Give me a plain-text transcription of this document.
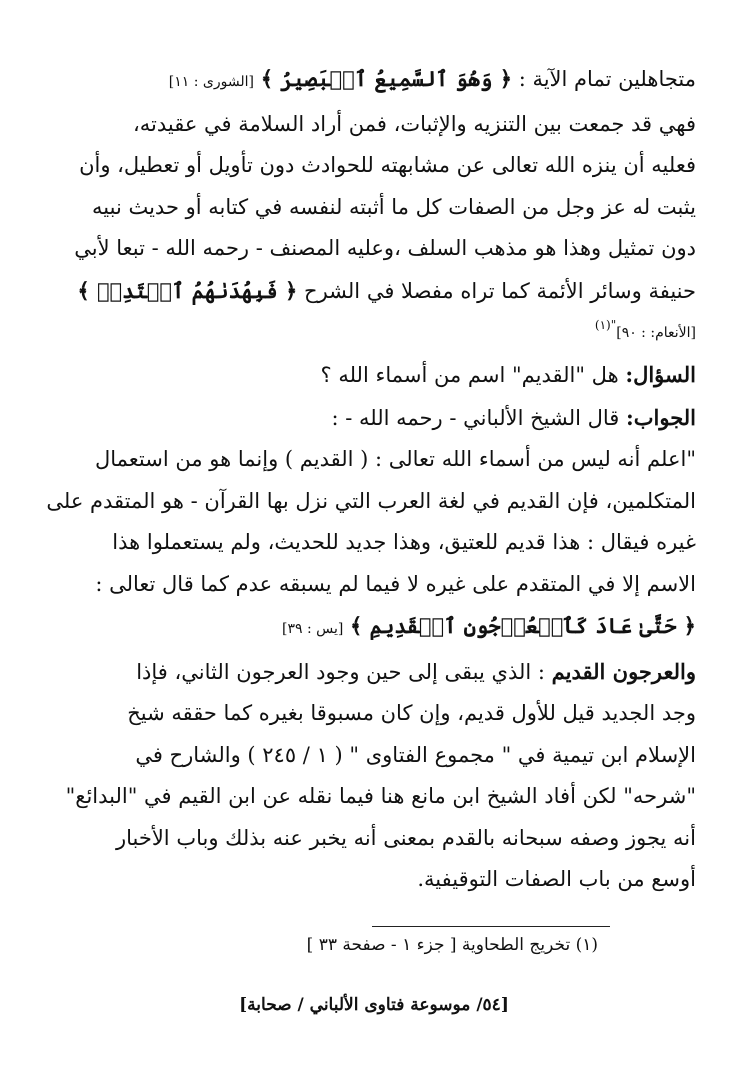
متجاهلين تمام الآية : ﴿ وَهُوَ ٱلسَّمِيعُ ٱلۡبَصِيرُ ﴾ [الشورى : ١١]
فهي قد جمعت بين التنزيه والإثبات، فمن أراد السلامة في عقيدته،
فعليه أن ينزه الله تعالى عن مشابهته للحوادث دون تأويل أو تعطيل، وأن
يثبت له عز وجل من الصفات كل ما أثبته لنفسه في كتابه أو حديث نبيه
دون تمثيل وهذا هو مذهب السلف ،وعليه المصنف - رحمه الله - تبعا لأبي
حنيفة وسائر الأئمة كما تراه مفصلا في الشرح ﴿ فَبِهُدَىٰهُمُ ٱقۡتَدِهۡ ﴾
[الأنعام: : ٩٠]$^{"(١)}$
السؤال: هل "القديم" اسم من أسماء الله ؟
الجواب: قال الشيخ الألباني - رحمه الله - :
"اعلم أنه ليس من أسماء الله تعالى : ( القديم ) وإنما هو من استعمال
المتكلمين، فإن القديم في لغة العرب التي نزل بها القرآن - هو المتقدم على
غيره فيقال : هذا قديم للعتيق، وهذا جديد للحديث، ولم يستعملوا هذا
الاسم إلا في المتقدم على غيره لا فيما لم يسبقه عدم كما قال تعالى :
﴿ حَتَّىٰ عَادَ كَٱلۡعُرۡجُونِ ٱلۡقَدِيمِ ﴾ [يس : ٣٩]
والعرجون القديم : الذي يبقى إلى حين وجود العرجون الثاني، فإذا
وجد الجديد قيل للأول قديم، وإن كان مسبوقا بغيره كما حققه شيخ
الإسلام ابن تيمية في " مجموع الفتاوى " ( ١ / ٢٤٥ ) والشارح في
"شرحه" لكن أفاد الشيخ ابن مانع هنا فيما نقله عن ابن القيم في "البدائع"
أنه يجوز وصفه سبحانه بالقدم بمعنى أنه يخبر عنه بذلك وباب الأخبار
أوسع من باب الصفات التوقيفية.
(١) تخريج الطحاوية [ جزء ١ - صفحة ٣٣ ]
[٥٤/ موسوعة فتاوى الألباني / صحابة]
